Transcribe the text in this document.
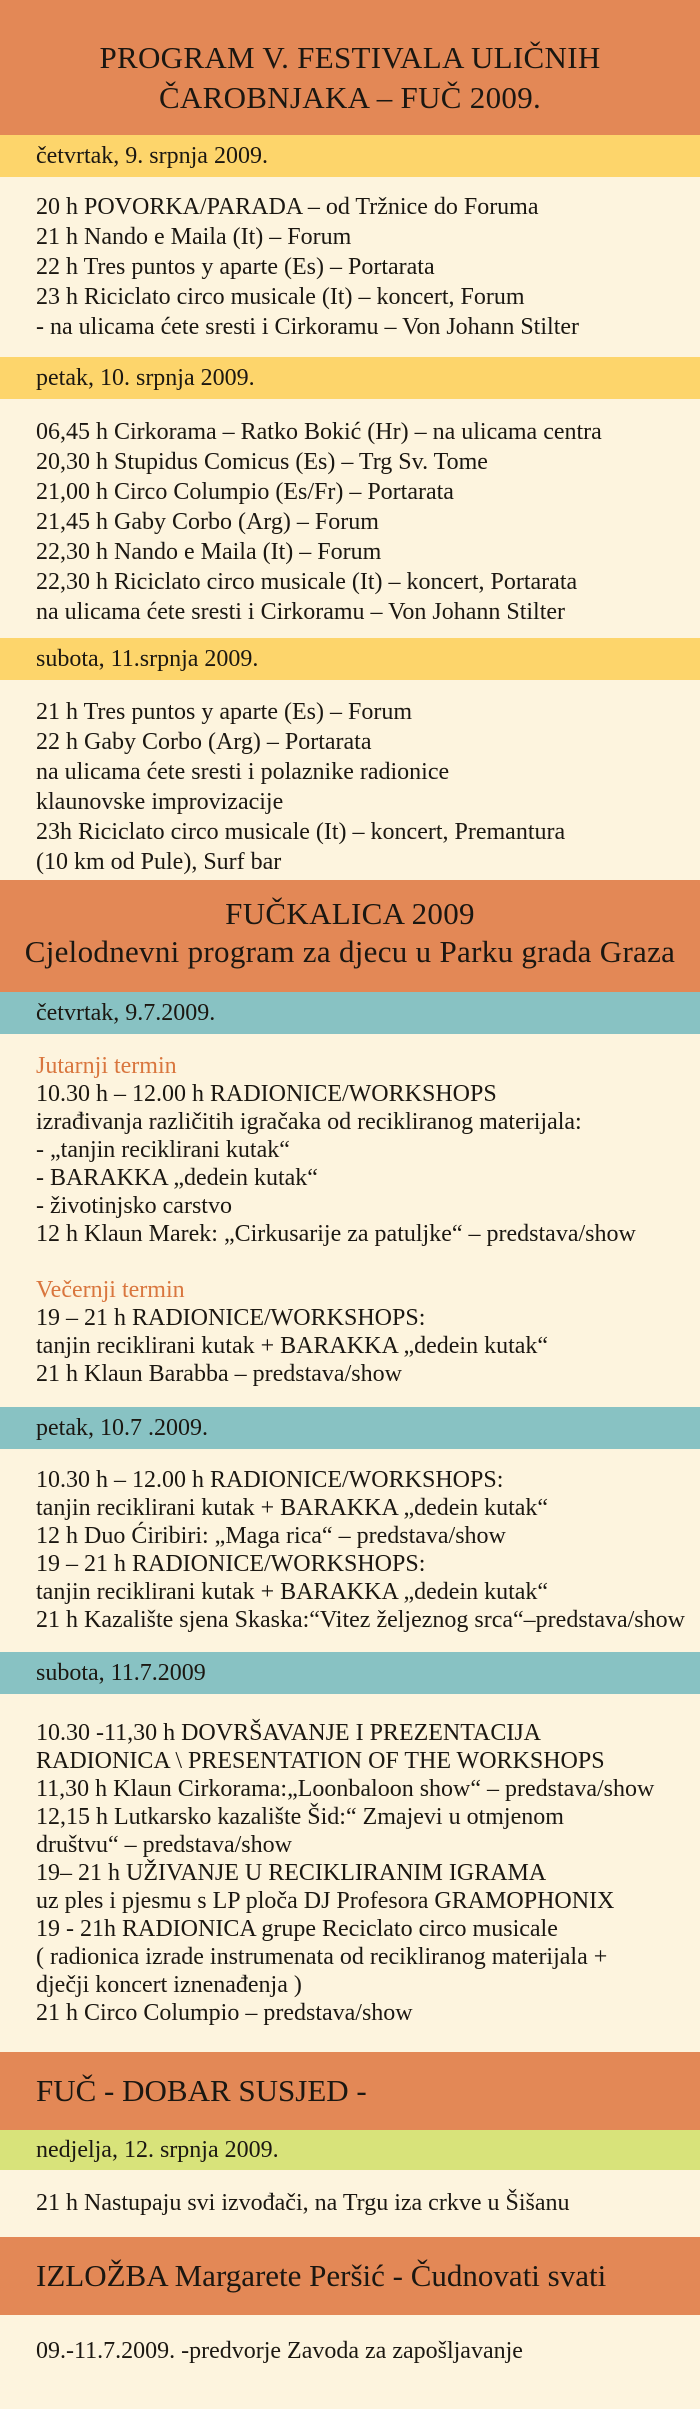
PROGRAM V. FESTIVALA ULIČNIH
ČAROBNJAKA – FUČ 2009.
četvrtak, 9. srpnja 2009.
20 h POVORKA/PARADA – od Tržnice do Foruma
21 h Nando e Maila (It) – Forum
22 h Tres puntos y aparte (Es) – Portarata
23 h Riciclato circo musicale (It) – koncert, Forum
- na ulicama ćete sresti i Cirkoramu – Von Johann Stilter
petak, 10. srpnja 2009.
06,45 h Cirkorama – Ratko Bokić (Hr) – na ulicama centra
20,30 h Stupidus Comicus (Es) – Trg Sv. Tome
21,00 h Circo Columpio (Es/Fr) – Portarata
21,45 h Gaby Corbo (Arg) – Forum
22,30 h Nando e Maila (It) – Forum
22,30 h Riciclato circo musicale (It) – koncert, Portarata
na ulicama ćete sresti i Cirkoramu – Von Johann Stilter
subota, 11.srpnja 2009.
21 h Tres puntos y aparte (Es) – Forum
22 h Gaby Corbo (Arg) – Portarata
na ulicama ćete sresti i polaznike radionice
klaunovske improvizacije
23h Riciclato circo musicale (It) – koncert, Premantura
(10 km od Pule), Surf bar
FUČKALICA 2009
Cjelodnevni program za djecu u Parku grada Graza
četvrtak, 9.7.2009.
Jutarnji termin
10.30 h – 12.00 h RADIONICE/WORKSHOPS
izrađivanja različitih igračaka od recikliranog materijala:
- „tanjin reciklirani kutak“
- BARAKKA „dedein kutak“
- životinjsko carstvo
12 h Klaun Marek: „Cirkusarije za patuljke“ – predstava/show
Večernji termin
19 – 21 h RADIONICE/WORKSHOPS:
tanjin reciklirani kutak + BARAKKA „dedein kutak“
21 h Klaun Barabba – predstava/show
petak, 10.7 .2009.
10.30 h – 12.00 h RADIONICE/WORKSHOPS:
tanjin reciklirani kutak + BARAKKA „dedein kutak“
12 h Duo Ćiribiri: „Maga rica“ – predstava/show
19 – 21 h RADIONICE/WORKSHOPS:
tanjin reciklirani kutak + BARAKKA „dedein kutak“
21 h Kazalište sjena Skaska:“Vitez željeznog srca“–predstava/show
subota, 11.7.2009
10.30 -11,30 h DOVRŠAVANJE I PREZENTACIJA
RADIONICA \ PRESENTATION OF THE WORKSHOPS
11,30 h Klaun Cirkorama:„Loonbaloon show“ – predstava/show
12,15 h Lutkarsko kazalište Šid:“ Zmajevi u otmjenom
društvu“ – predstava/show
19– 21 h UŽIVANJE U RECIKLIRANIM IGRAMA
uz ples i pjesmu s LP ploča DJ Profesora GRAMOPHONIX
19 - 21h RADIONICA grupe Reciclato circo musicale
( radionica izrade instrumenata od recikliranog materijala +
dječji koncert iznenađenja )
21 h Circo Columpio – predstava/show
FUČ - DOBAR SUSJED -
nedjelja, 12. srpnja 2009.
21 h Nastupaju svi izvođači, na Trgu iza crkve u Šišanu
IZLOŽBA Margarete Peršić - Čudnovati svati
09.-11.7.2009. -predvorje Zavoda za zapošljavanje
